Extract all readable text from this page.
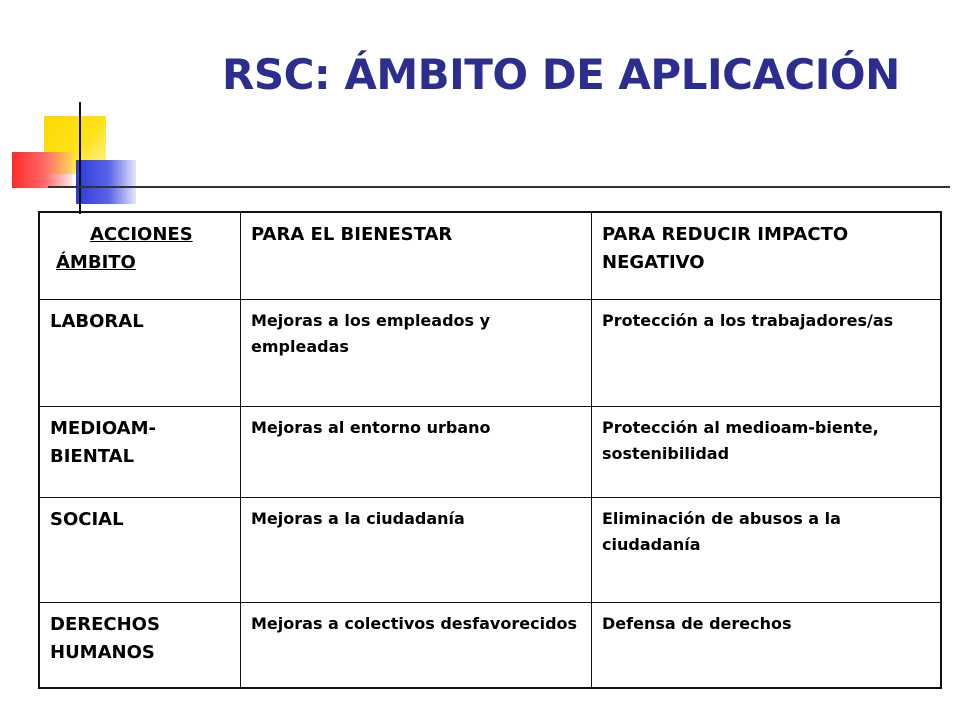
RSC: ÁMBITO DE APLICACIÓN
ACCIONES
ÁMBITO	PARA EL BIENESTAR	PARA REDUCIR IMPACTO NEGATIVO
LABORAL	Mejoras a los empleados y empleadas	Protección a los trabajadores/as
MEDIOAM-BIENTAL	Mejoras al entorno urbano	Protección al medioam-biente, sostenibilidad
SOCIAL	Mejoras a la ciudadanía	Eliminación de abusos a la ciudadanía
DERECHOS HUMANOS	Mejoras a colectivos desfavorecidos	Defensa de derechos
